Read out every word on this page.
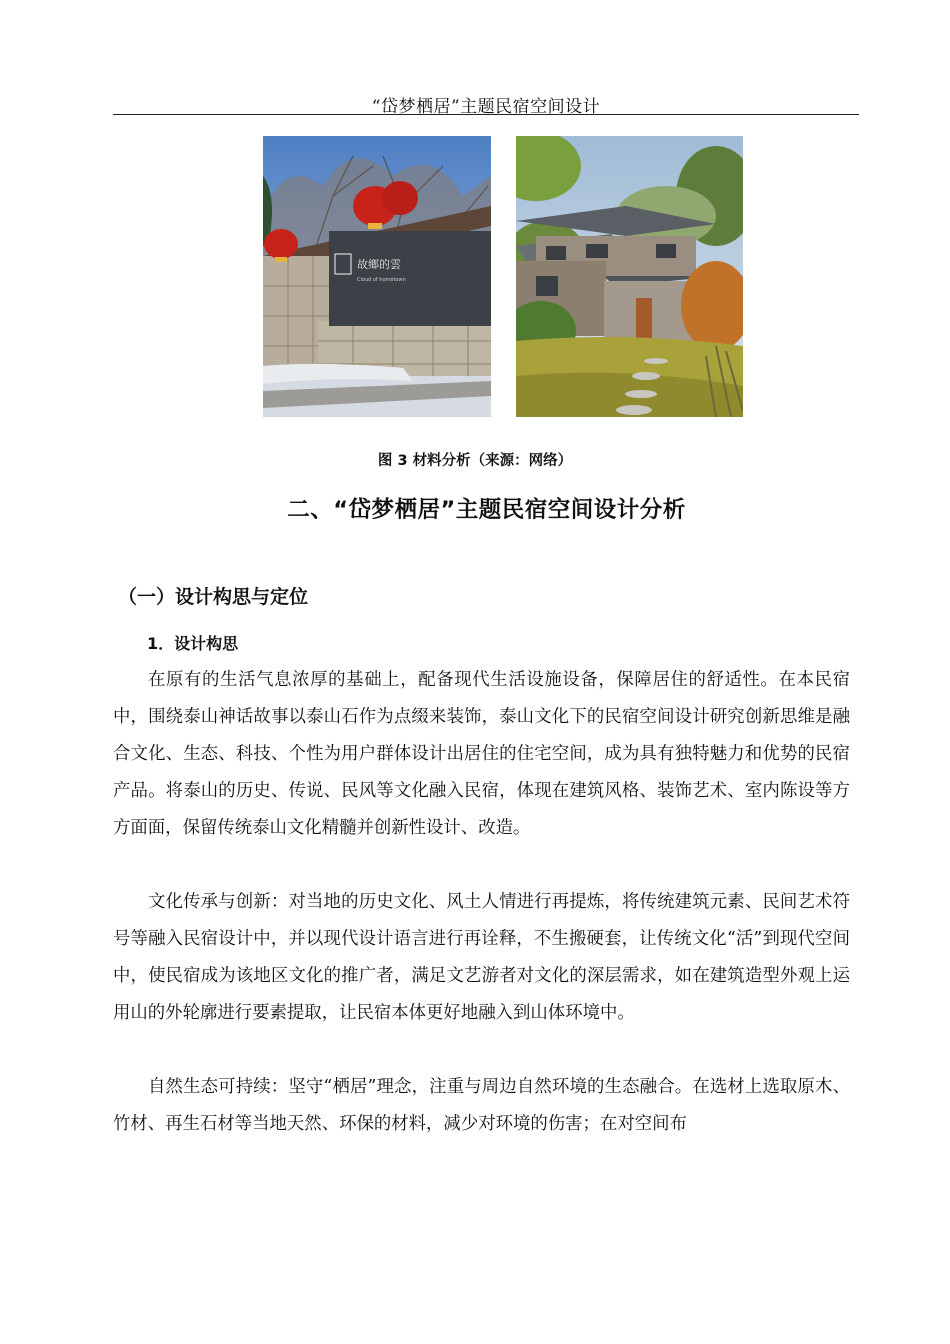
“岱梦栖居”主题民宿空间设计
故鄉的雲
Cloud of hometown
图 3 材料分析（来源：网络）
二、“岱梦栖居”主题民宿空间设计分析
（一）设计构思与定位
1．设计构思

在原有的生活气息浓厚的基础上，配备现代生活设施设备，保障居住的舒适性。在本民宿中，围绕泰山神话故事以泰山石作为点缀来装饰，泰山文化下的民宿空间设计研究创新思维是融合文化、生态、科技、个性为用户群体设计出居住的住宅空间，成为具有独特魅力和优势的民宿产品。将泰山的历史、传说、民风等文化融入民宿，体现在建筑风格、装饰艺术、室内陈设等方方面面，保留传统泰山文化精髓并创新性设计、改造。

文化传承与创新：对当地的历史文化、风土人情进行再提炼，将传统建筑元素、民间艺术符号等融入民宿设计中，并以现代设计语言进行再诠释，不生搬硬套，让传统文化“活”到现代空间中，使民宿成为该地区文化的推广者，满足文艺游者对文化的深层需求，如在建筑造型外观上运用山的外轮廓进行要素提取，让民宿本体更好地融入到山体环境中。

自然生态可持续：坚守“栖居”理念，注重与周边自然环境的生态融合。在选材上选取原木、竹材、再生石材等当地天然、环保的材料，减少对环境的伤害；在对空间布
